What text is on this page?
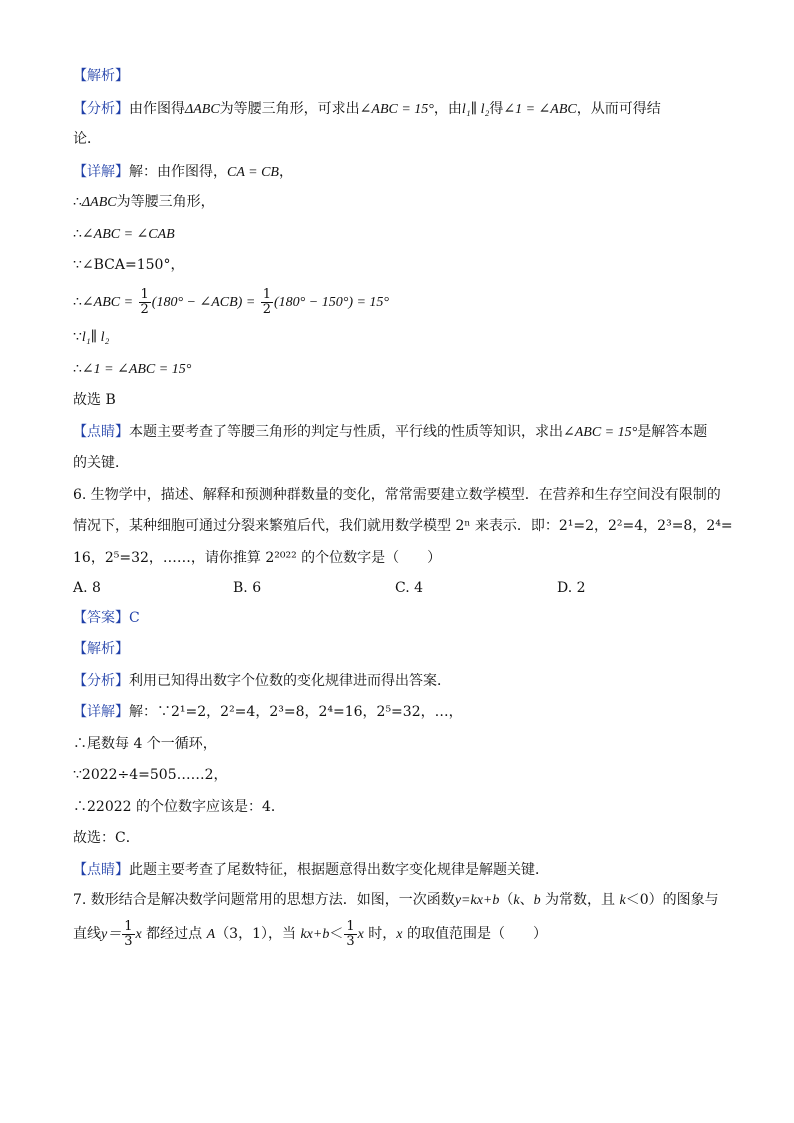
【解析】
【分析】由作图得ΔABC为等腰三角形，可求出∠ABC = 15°，由l₁∥ l₂得∠1 = ∠ABC，从而可得结
论．
【详解】解：由作图得，CA = CB，
∴ΔABC为等腰三角形，
∴∠ABC = ∠CAB
∵∠BCA=150°，
∴∠ABC = $\frac{1}{2} (180^\circ$ − ∠ACB) = $\frac{1}{2} (180^\circ - 150^\circ) = 15^\circ$
∵l₁∥ l₂
∴∠1 = ∠ABC = 15°
故选 B
【点睛】本题主要考查了等腰三角形的判定与性质，平行线的性质等知识，求出∠ABC = 15°是解答本题
的关键．
6. 生物学中，描述、解释和预测种群数量的变化，常常需要建立数学模型．在营养和生存空间没有限制的
情况下，某种细胞可通过分裂来繁殖后代，我们就用数学模型 2ⁿ 来表示．即：2¹=2，2²=4，2³=8，2⁴=
16，2⁵=32，……，请你推算 2²⁰²² 的个位数字是（　　）
A. 8	B. 6	C. 4	D. 2
【答案】C
【解析】
【分析】利用已知得出数字个位数的变化规律进而得出答案．
【详解】解：∵2¹=2，2²=4，2³=8，2⁴=16，2⁵=32，…，
∴尾数每 4 个一循环，
∵2022÷4=505……2，
∴22022 的个位数字应该是：4．
故选：C．
【点睛】此题主要考查了尾数特征，根据题意得出数字变化规律是解题关键．
7. 数形结合是解决数学问题常用的思想方法．如图，一次函数y=kx+b（k、b 为常数，且 k＜0）的图象与
直线$y= \frac{1}{3}$ x 都经过点 A（3，1），当 $kx+b< \frac{1}{3}$ x 时，x 的取值范围是（　　）
